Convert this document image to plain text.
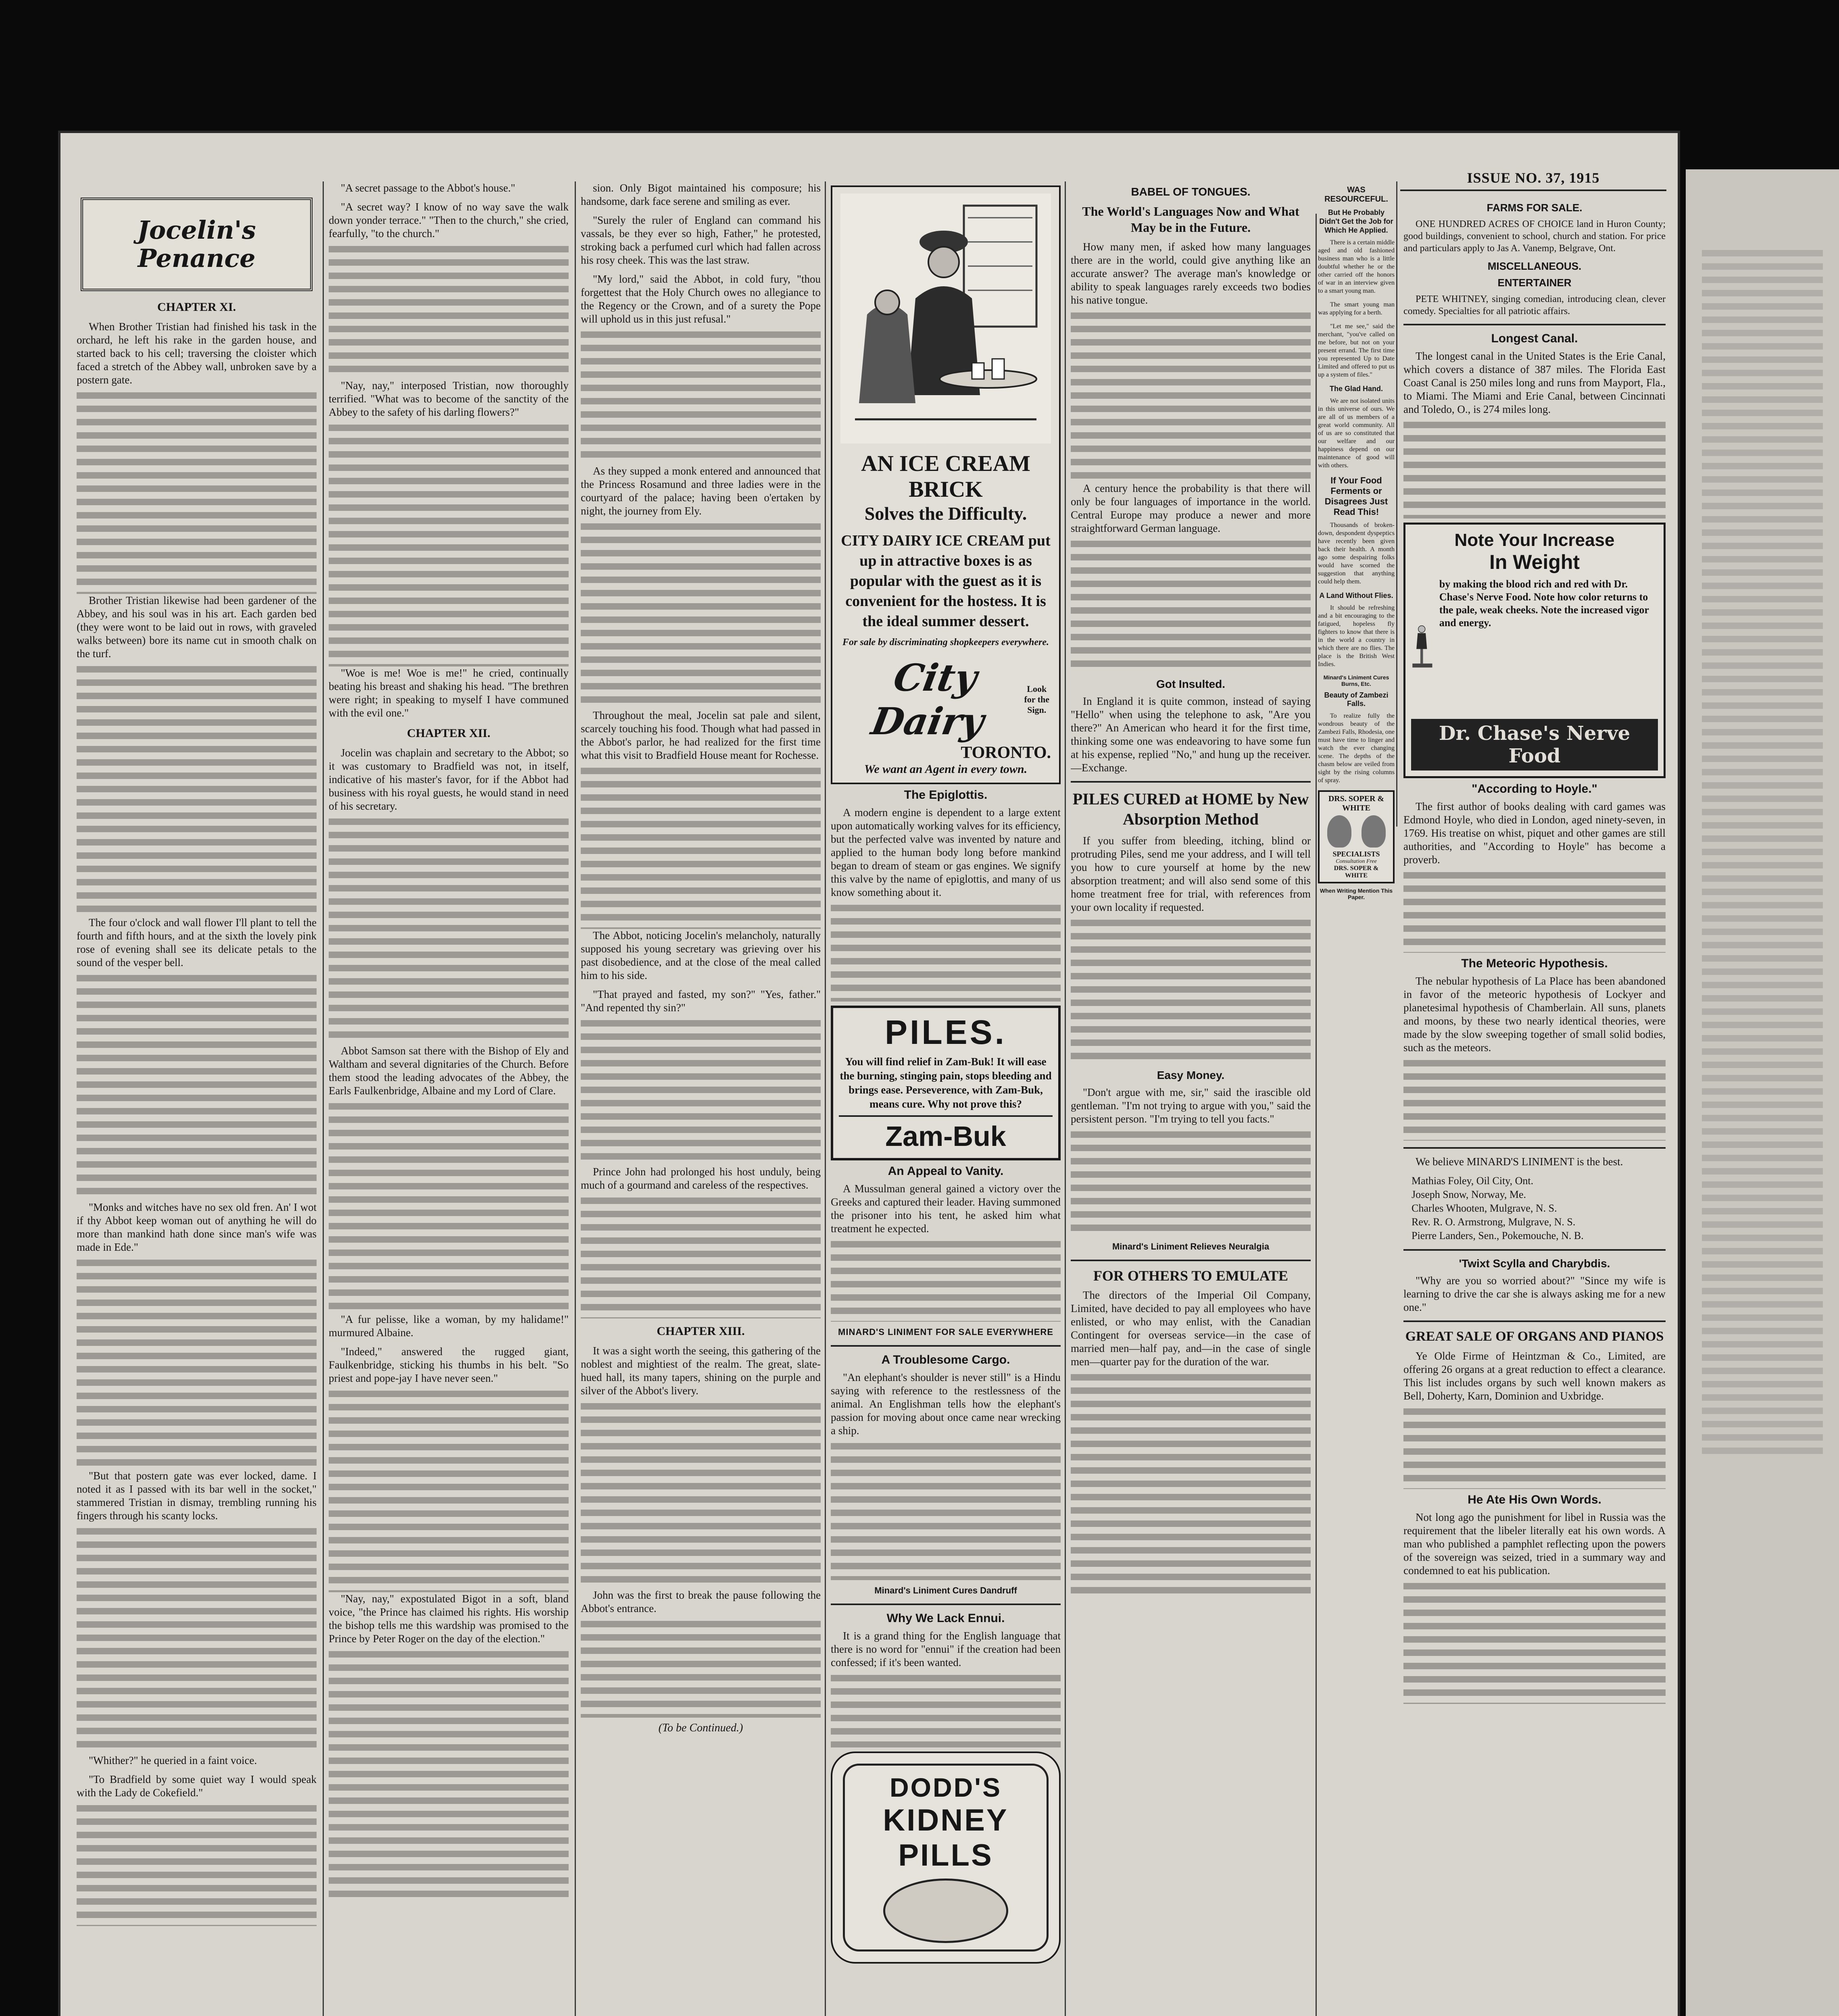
ISSUE NO. 37, 1915
Jocelin's Penance
CHAPTER XI.

When Brother Tristian had finished his task in the orchard, he left his rake in the garden house, and started back to his cell; traversing the cloister which faced a stretch of the Abbey wall, unbroken save by a postern gate.

Brother Tristian likewise had been gardener of the Abbey, and his soul was in his art. Each garden bed (they were wont to be laid out in rows, with graveled walks between) bore its name cut in smooth chalk on the turf.

The four o'clock and wall flower I'll plant to tell the fourth and fifth hours, and at the sixth the lovely pink rose of evening shall see its delicate petals to the sound of the vesper bell.

"Monks and witches have no sex old fren. An' I wot if thy Abbot keep woman out of anything he will do more than mankind hath done since man's wife was made in Ede."

"But that postern gate was ever locked, dame. I noted it as I passed with its bar well in the socket," stammered Tristian in dismay, trembling running his fingers through his scanty locks.

"Whither?" he queried in a faint voice.

"To Bradfield by some quiet way I would speak with the Lady de Cokefield."

"A secret passage to the Abbot's house."

"A secret way? I know of no way save the walk down yonder terrace." "Then to the church," she cried, fearfully, "to the church."

"Nay, nay," interposed Tristian, now thoroughly terrified. "What was to become of the sanctity of the Abbey to the safety of his darling flowers?"

"Woe is me! Woe is me!" he cried, continually beating his breast and shaking his head. "The brethren were right; in speaking to myself I have communed with the evil one."

CHAPTER XII.

Jocelin was chaplain and secretary to the Abbot; so it was customary to Bradfield was not, in itself, indicative of his master's favor, for if the Abbot had business with his royal guests, he would stand in need of his secretary.

Abbot Samson sat there with the Bishop of Ely and Waltham and several dignitaries of the Church. Before them stood the leading advocates of the Abbey, the Earls Faulkenbridge, Albaine and my Lord of Clare.

"A fur pelisse, like a woman, by my halidame!" murmured Albaine.

"Indeed," answered the rugged giant, Faulkenbridge, sticking his thumbs in his belt. "So priest and pope-jay I have never seen."

"Nay, nay," expostulated Bigot in a soft, bland voice, "the Prince has claimed his rights. His worship the bishop tells me this wardship was promised to the Prince by Peter Roger on the day of the election."

sion. Only Bigot maintained his composure; his handsome, dark face serene and smiling as ever.

"Surely the ruler of England can command his vassals, be they ever so high, Father," he protested, stroking back a perfumed curl which had fallen across his rosy cheek. This was the last straw.

"My lord," said the Abbot, in cold fury, "thou forgettest that the Holy Church owes no allegiance to the Regency or the Crown, and of a surety the Pope will uphold us in this just refusal."

As they supped a monk entered and announced that the Princess Rosamund and three ladies were in the courtyard of the palace; having been o'ertaken by night, the journey from Ely.

Throughout the meal, Jocelin sat pale and silent, scarcely touching his food. Though what had passed in the Abbot's parlor, he had realized for the first time what this visit to Bradfield House meant for Rochesse.

The Abbot, noticing Jocelin's melancholy, naturally supposed his young secretary was grieving over his past disobedience, and at the close of the meal called him to his side.

"That prayed and fasted, my son?" "Yes, father." "And repented thy sin?"

Prince John had prolonged his host unduly, being much of a gourmand and careless of the respectives.

CHAPTER XIII.

It was a sight worth the seeing, this gathering of the noblest and mightiest of the realm. The great, slate-hued hall, its many tapers, shining on the purple and silver of the Abbot's livery.

John was the first to break the pause following the Abbot's entrance.

(To be Continued.)
AN ICE CREAM BRICK
Solves the Difficulty.
CITY DAIRY ICE CREAM put up in attractive boxes is as popular with the guest as it is convenient for the hostess. It is the ideal summer dessert.
For sale by discriminating shopkeepers everywhere.
City Dairy
Look for the Sign.
TORONTO.
We want an Agent in every town.
The Epiglottis.

A modern engine is dependent to a large extent upon automatically working valves for its efficiency, but the perfected valve was invented by nature and applied to the human body long before mankind began to dream of steam or gas engines. We signify this valve by the name of epiglottis, and many of us know something about it.

PILES.
You will find relief in Zam-Buk! It will ease the burning, stinging pain, stops bleeding and brings ease. Perseverence, with Zam-Buk, means cure. Why not prove this?
Zam-Buk
An Appeal to Vanity.

A Mussulman general gained a victory over the Greeks and captured their leader. Having summoned the prisoner into his tent, he asked him what treatment he expected.

MINARD'S LINIMENT FOR SALE EVERYWHERE
A Troublesome Cargo.

"An elephant's shoulder is never still" is a Hindu saying with reference to the restlessness of the animal. An Englishman tells how the elephant's passion for moving about once came near wrecking a ship.

Minard's Liniment Cures Dandruff
Why We Lack Ennui.

It is a grand thing for the English language that there is no word for "ennui" if the creation had been confessed; if it's been wanted.

DODD'S
KIDNEY
PILLS
BABEL OF TONGUES.
The World's Languages Now and What May be in the Future.

How many men, if asked how many languages there are in the world, could give anything like an accurate answer? The average man's knowledge or ability to speak languages rarely exceeds two bodies his native tongue.

A century hence the probability is that there will only be four languages of importance in the world. Central Europe may produce a newer and more straightforward German language.

Got Insulted.

In England it is quite common, instead of saying "Hello" when using the telephone to ask, "Are you there?" An American who heard it for the first time, thinking some one was endeavoring to have some fun at his expense, replied "No," and hung up the receiver.—Exchange.

PILES CURED at HOME by New Absorption Method

If you suffer from bleeding, itching, blind or protruding Piles, send me your address, and I will tell you how to cure yourself at home by the new absorption treatment; and will also send some of this home treatment free for trial, with references from your own locality if requested.

Easy Money.

"Don't argue with me, sir," said the irascible old gentleman. "I'm not trying to argue with you," said the persistent person. "I'm trying to tell you facts."

Minard's Liniment Relieves Neuralgia
FOR OTHERS TO EMULATE

The directors of the Imperial Oil Company, Limited, have decided to pay all employees who have enlisted, or who may enlist, with the Canadian Contingent for overseas service—in the case of married men—half pay, and—in the case of single men—quarter pay for the duration of the war.

FARMS FOR SALE.

ONE HUNDRED ACRES OF CHOICE land in Huron County; good buildings, convenient to school, church and station. For price and particulars apply to Jas A. Vanemp, Belgrave, Ont.

MISCELLANEOUS.
ENTERTAINER

PETE WHITNEY, singing comedian, introducing clean, clever comedy. Specialties for all patriotic affairs.

Longest Canal.

The longest canal in the United States is the Erie Canal, which covers a distance of 387 miles. The Florida East Coast Canal is 250 miles long and runs from Mayport, Fla., to Miami. The Miami and Erie Canal, between Cincinnati and Toledo, O., is 274 miles long.

Note Your Increase
In Weight
by making the blood rich and red with Dr. Chase's Nerve Food. Note how color returns to the pale, weak cheeks. Note the increased vigor and energy.
Dr. Chase's Nerve Food
"According to Hoyle."

The first author of books dealing with card games was Edmond Hoyle, who died in London, aged ninety-seven, in 1769. His treatise on whist, piquet and other games are still authorities, and "According to Hoyle" has become a proverb.

The Meteoric Hypothesis.

The nebular hypothesis of La Place has been abandoned in favor of the meteoric hypothesis of Lockyer and planetesimal hypothesis of Chamberlain. All suns, planets and moons, by these two nearly identical theories, were made by the slow sweeping together of small solid bodies, such as the meteors.

We believe MINARD'S LINIMENT is the best.

Mathias Foley, Oil City, Ont.
Joseph Snow, Norway, Me.
Charles Whooten, Mulgrave, N. S.
Rev. R. O. Armstrong, Mulgrave, N. S.
Pierre Landers, Sen., Pokemouche, N. B.
'Twixt Scylla and Charybdis.

"Why are you so worried about?" "Since my wife is learning to drive the car she is always asking me for a new one."

GREAT SALE OF ORGANS AND PIANOS

Ye Olde Firme of Heintzman & Co., Limited, are offering 26 organs at a great reduction to effect a clearance. This list includes organs by such well known makers as Bell, Doherty, Karn, Dominion and Uxbridge.

He Ate His Own Words.

Not long ago the punishment for libel in Russia was the requirement that the libeler literally eat his own words. A man who published a pamphlet reflecting upon the powers of the sovereign was seized, tried in a summary way and condemned to eat his publication.

WAS RESOURCEFUL.
But He Probably Didn't Get the Job for Which He Applied.

There is a certain middle aged and old fashioned business man who is a little doubtful whether he or the other carried off the honors of war in an interview given to a smart young man.

The smart young man was applying for a berth.

"Let me see," said the merchant, "you've called on me before, but not on your present errand. The first time you represented Up to Date Limited and offered to put us up a system of files."

The Glad Hand.

We are not isolated units in this universe of ours. We are all of us members of a great world community. All of us are so constituted that our welfare and our happiness depend on our maintenance of good will with others.

If Your Food Ferments or Disagrees Just Read This!

Thousands of broken-down, despondent dyspeptics have recently been given back their health. A month ago some despairing folks would have scorned the suggestion that anything could help them.

A Land Without Flies.

It should be refreshing and a bit encouraging to the fatigued, hopeless fly fighters to know that there is in the world a country in which there are no flies. The place is the British West Indies.

Minard's Liniment Cures Burns, Etc.
Beauty of Zambezi Falls.

To realize fully the wondrous beauty of the Zambezi Falls, Rhodesia, one must have time to linger and watch the ever changing scene. The depths of the chasm below are veiled from sight by the rising columns of spray.

DRS. SOPER & WHITE
SPECIALISTS
Consultation Free
DRS. SOPER & WHITE
When Writing Mention This Paper.
